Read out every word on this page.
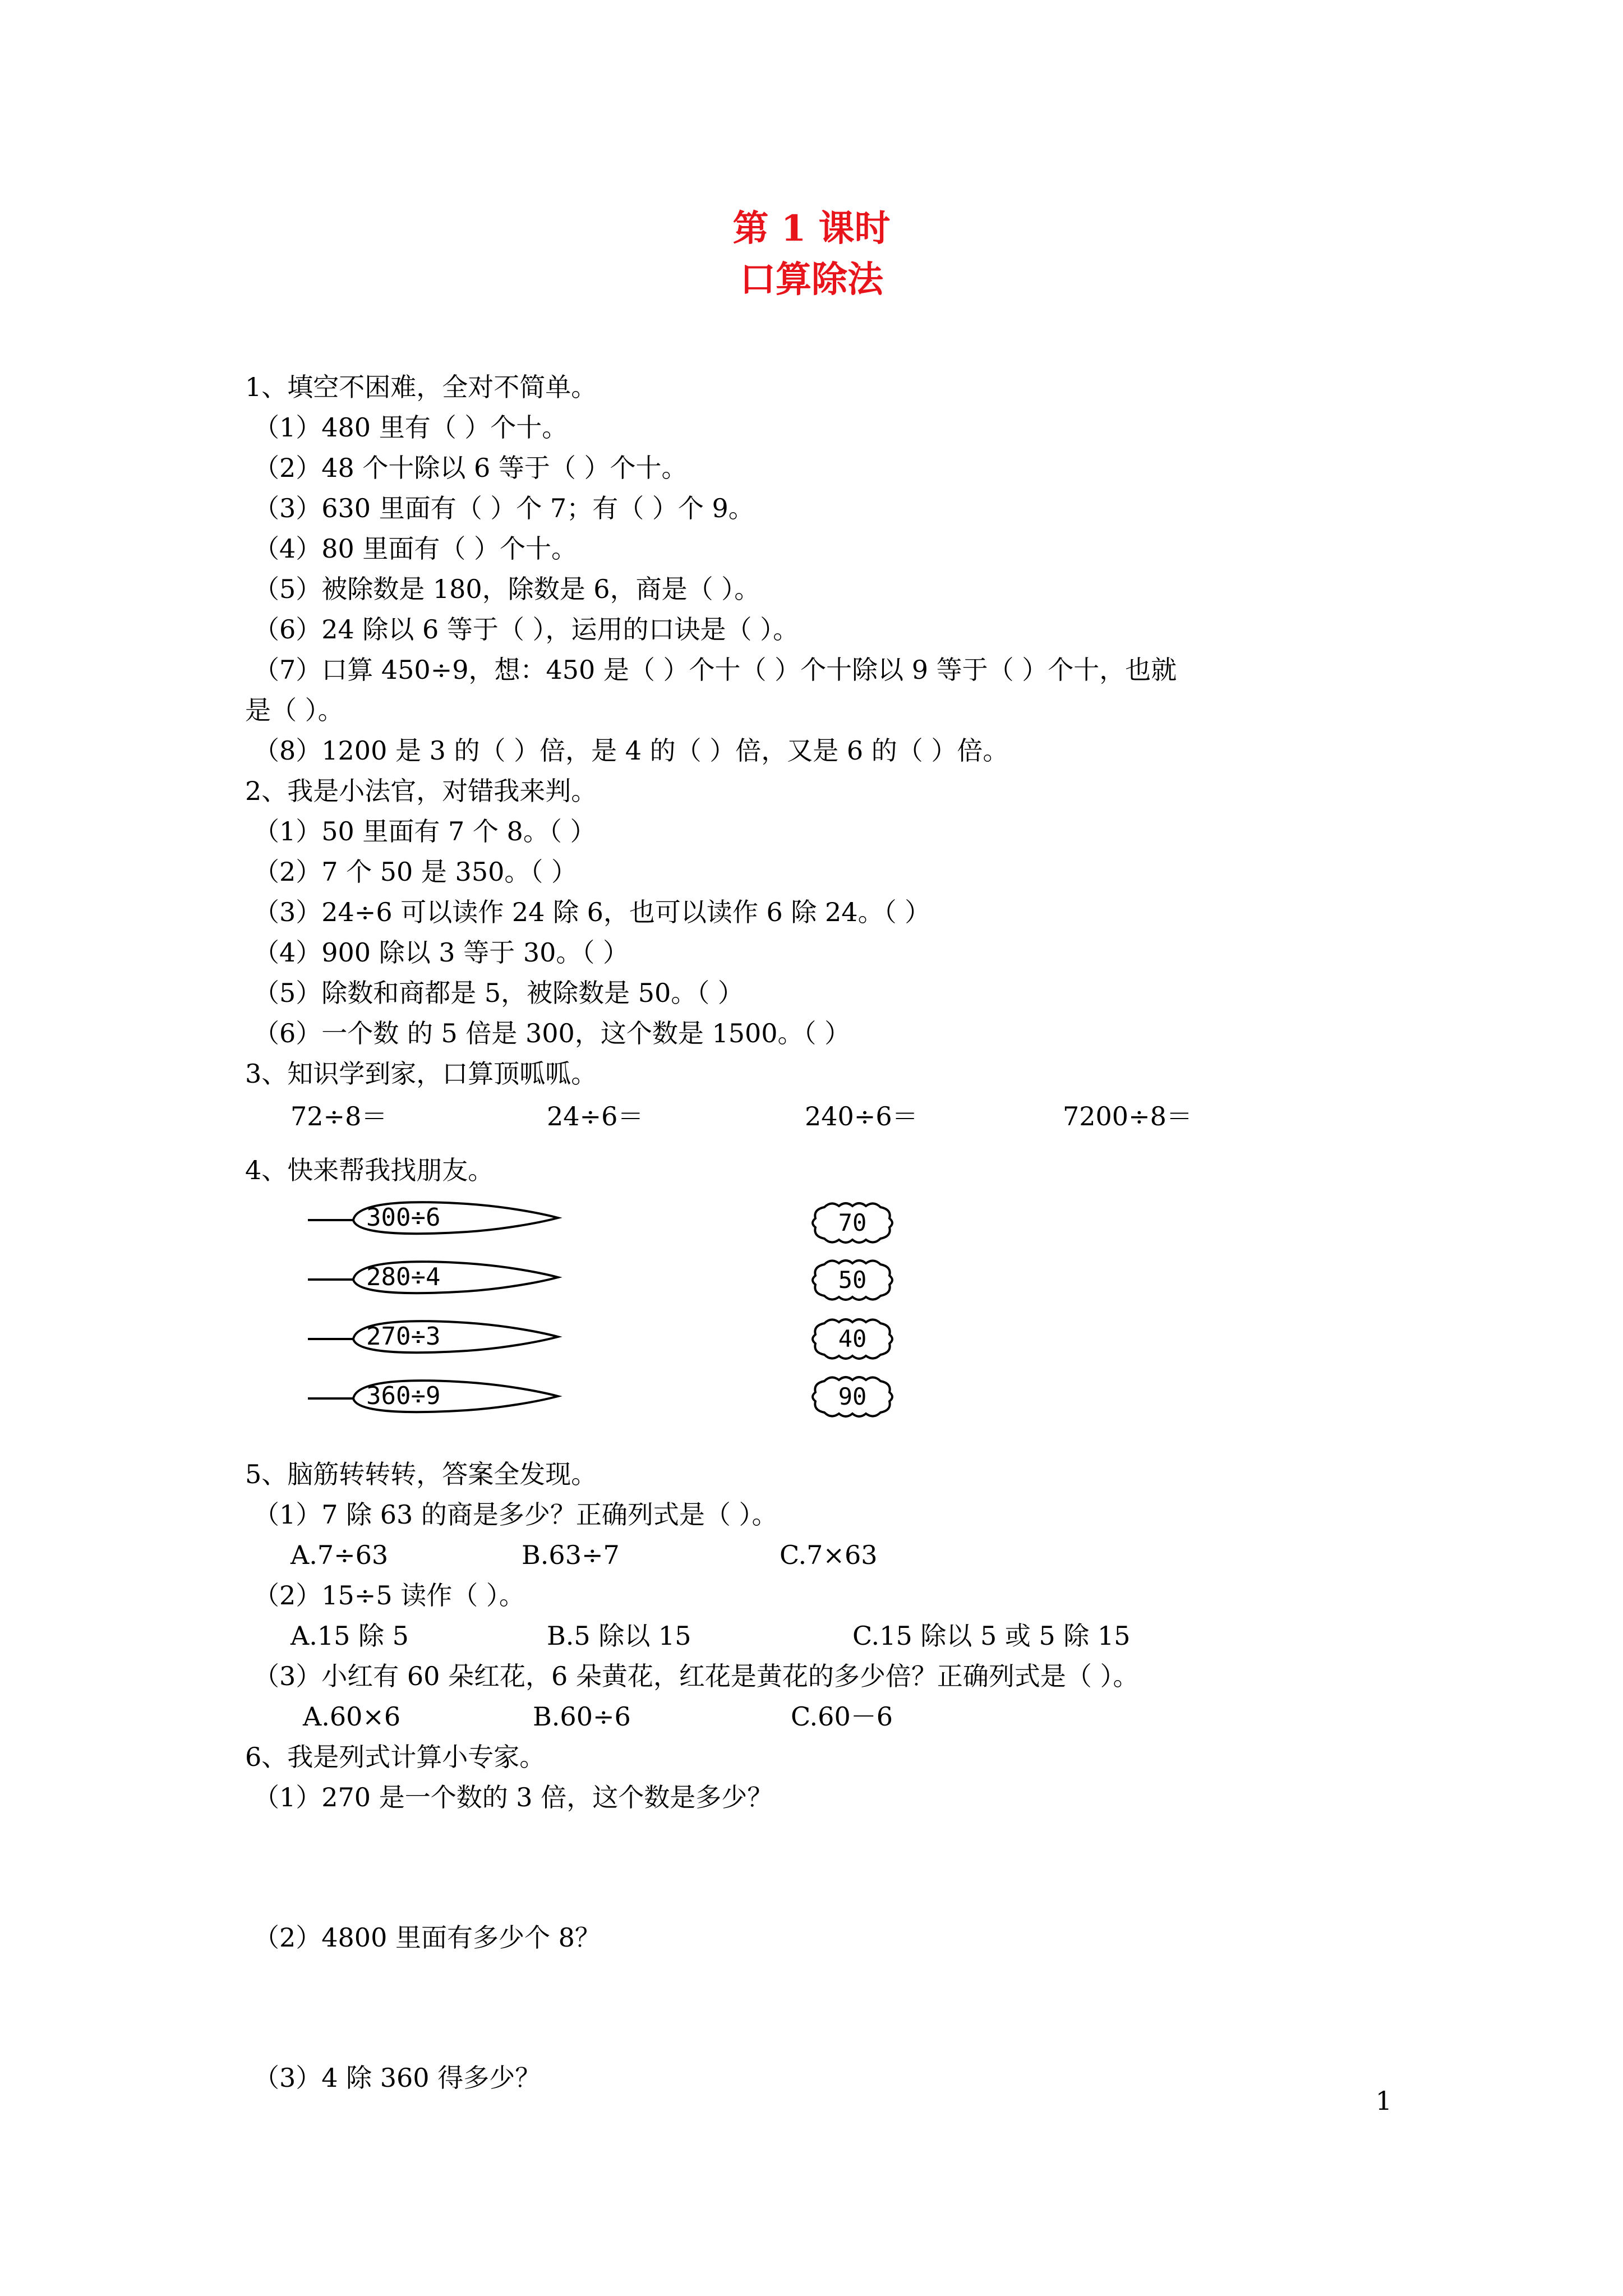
第 1 课时
口算除法
1、填空不困难，全对不简单。
（1）480 里有（ ）个十。
（2）48 个十除以 6 等于（ ）个十。
（3）630 里面有（ ）个 7；有（ ）个 9。
（4）80 里面有（ ）个十。
（5）被除数是 180，除数是 6，商是（ ）。
（6）24 除以 6 等于（ ），运用的口诀是（ ）。
（7）口算 450÷9，想：450 是（ ）个十（ ）个十除以 9 等于（ ）个十，也就
是（ ）。
（8）1200 是 3 的（ ）倍，是 4 的（ ）倍，又是 6 的（ ）倍。
2、我是小法官，对错我来判。
（1）50 里面有 7 个 8。（ ）
（2）7 个 50 是 350。（ ）
（3）24÷6 可以读作 24 除 6，也可以读作 6 除 24。（ ）
（4）900 除以 3 等于 30。（ ）
（5）除数和商都是 5，被除数是 50。（ ）
（6）一个数 的 5 倍是 300，这个数是 1500。（ ）
3、知识学到家，口算顶呱呱。
72÷8＝	24÷6＝	240÷6＝	7200÷8＝
4、快来帮我找朋友。
300÷6
280÷4
270÷3
360÷9
70
50
40
90
5、脑筋转转转，答案全发现。
（1）7 除 63 的商是多少？正确列式是（ ）。
A.7÷63	B.63÷7	C.7×63
（2）15÷5 读作（ ）。
A.15 除 5	B.5 除以 15	C.15 除以 5 或 5 除 15
（3）小红有 60 朵红花，6 朵黄花，红花是黄花的多少倍？正确列式是（ ）。
A.60×6	B.60÷6	C.60－6
6、我是列式计算小专家。
（1）270 是一个数的 3 倍，这个数是多少？
（2）4800 里面有多少个 8？
（3）4 除 360 得多少？
1
